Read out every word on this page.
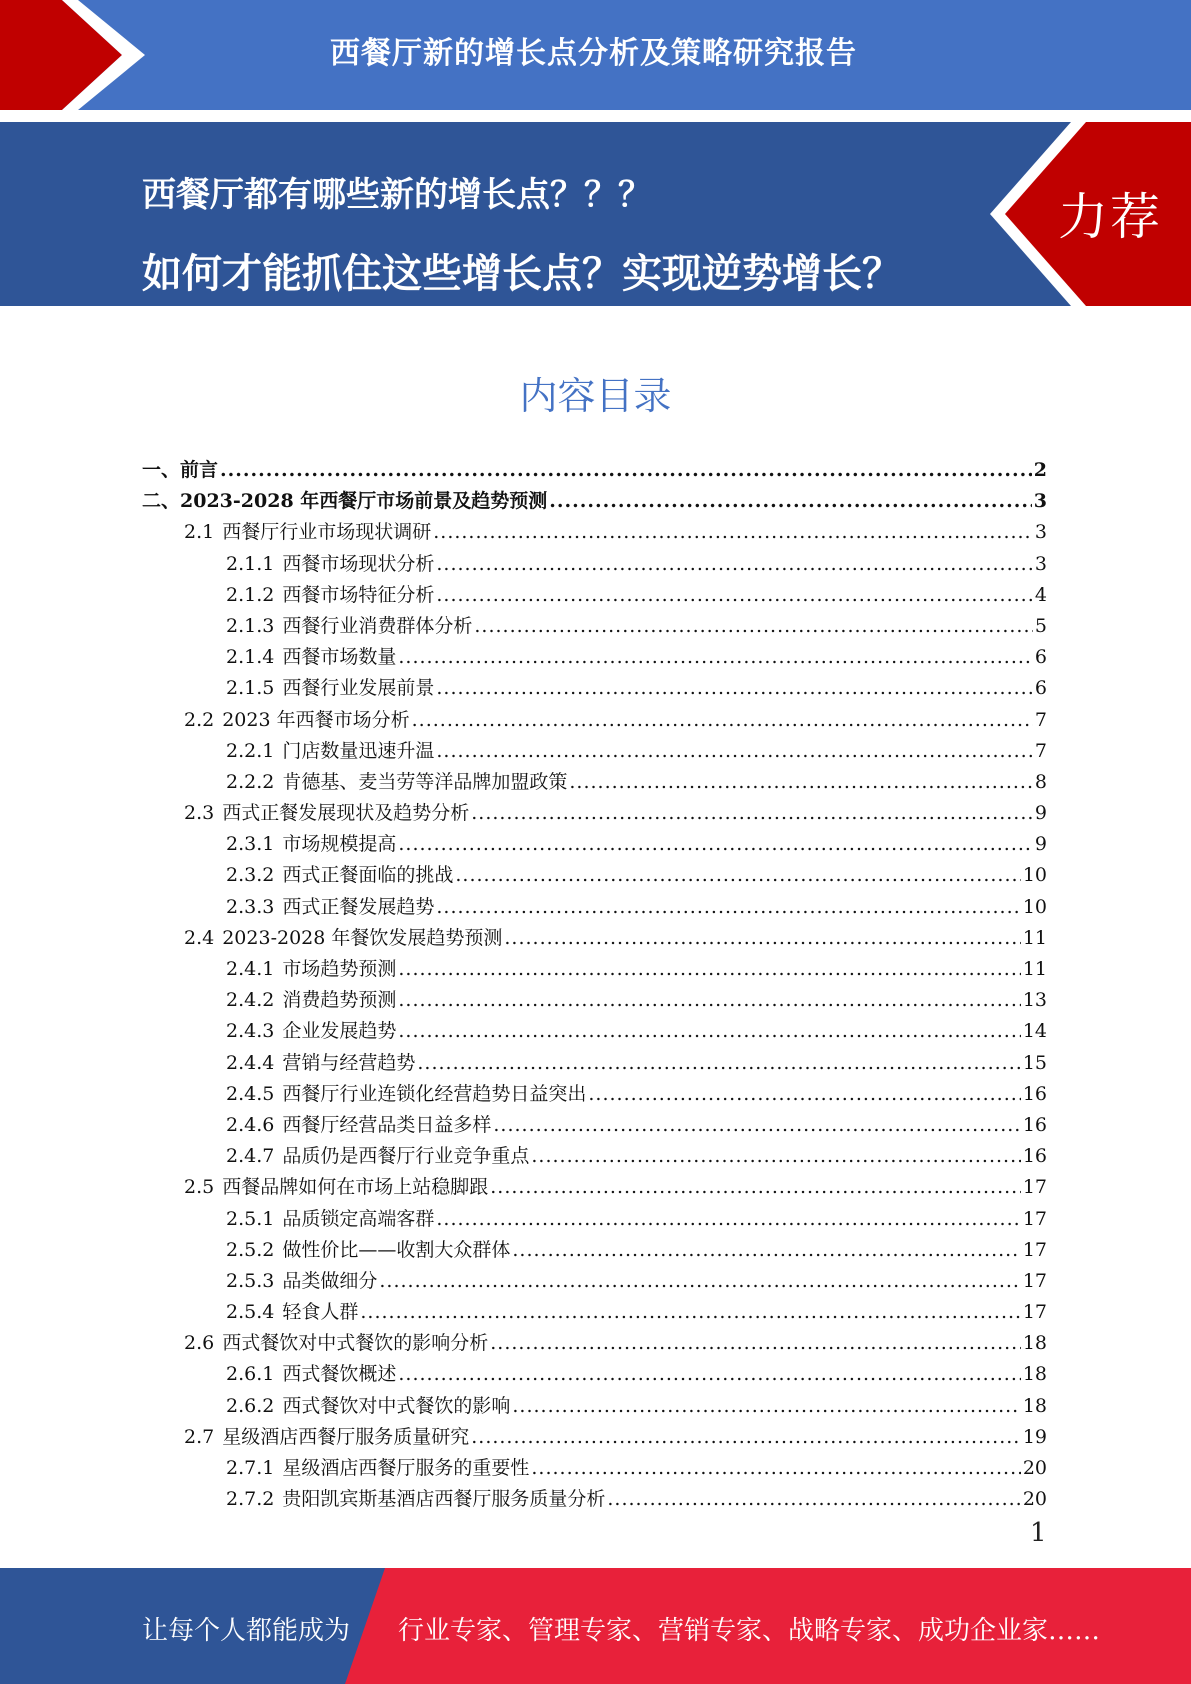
西餐厅新的增长点分析及策略研究报告
西餐厅都有哪些新的增长点？？？
如何才能抓住这些增长点？实现逆势增长？
力荐
内容目录
一、 前言 .....	2
二、 2023-2028 年西餐厅市场前景及趋势预测 .....	3
2.1 西餐厅行业市场现状调研 .....	3
2.1.1 西餐市场现状分析 .....	3
2.1.2 西餐市场特征分析 .....	4
2.1.3 西餐行业消费群体分析 .....	5
2.1.4 西餐市场数量 .....	6
2.1.5 西餐行业发展前景 .....	6
2.2 2023 年西餐市场分析 .....	7
2.2.1 门店数量迅速升温 .....	7
2.2.2 肯德基、麦当劳等洋品牌加盟政策 .....	8
2.3 西式正餐发展现状及趋势分析 .....	9
2.3.1 市场规模提高 .....	9
2.3.2 西式正餐面临的挑战 .....	10
2.3.3 西式正餐发展趋势 .....	10
2.4 2023-2028 年餐饮发展趋势预测 .....	11
2.4.1 市场趋势预测 .....	11
2.4.2 消费趋势预测 .....	13
2.4.3 企业发展趋势 .....	14
2.4.4 营销与经营趋势 .....	15
2.4.5 西餐厅行业连锁化经营趋势日益突出 .....	16
2.4.6 西餐厅经营品类日益多样 .....	16
2.4.7 品质仍是西餐厅行业竞争重点 .....	16
2.5 西餐品牌如何在市场上站稳脚跟 .....	17
2.5.1 品质锁定高端客群 .....	17
2.5.2 做性价比——收割大众群体 .....	17
2.5.3 品类做细分 .....	17
2.5.4 轻食人群 .....	17
2.6 西式餐饮对中式餐饮的影响分析 .....	18
2.6.1 西式餐饮概述 .....	18
2.6.2 西式餐饮对中式餐饮的影响 .....	18
2.7 星级酒店西餐厅服务质量研究 .....	19
2.7.1 星级酒店西餐厅服务的重要性 .....	20
2.7.2 贵阳凯宾斯基酒店西餐厅服务质量分析 .....	20
1
让每个人都能成为 行业专家、管理专家、营销专家、战略专家、成功企业家……
